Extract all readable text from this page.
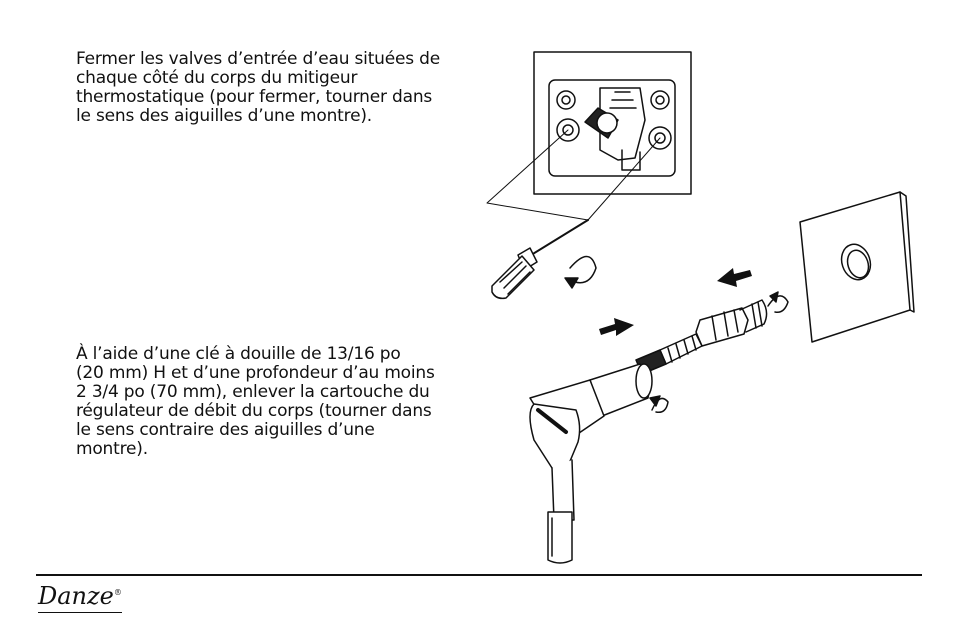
Fermer les valves d’entrée d’eau situées de
chaque côté du corps du mitigeur
thermostatique (pour fermer, tourner dans
le sens des aiguilles d’une montre).

À l’aide d’une clé à douille de 13/16 po
(20 mm) H et d’une profondeur d’au moins
2 3/4 po (70 mm), enlever la cartouche du
régulateur de débit du corps (tourner dans
le sens contraire des aiguilles d’une
montre).

Danze®
